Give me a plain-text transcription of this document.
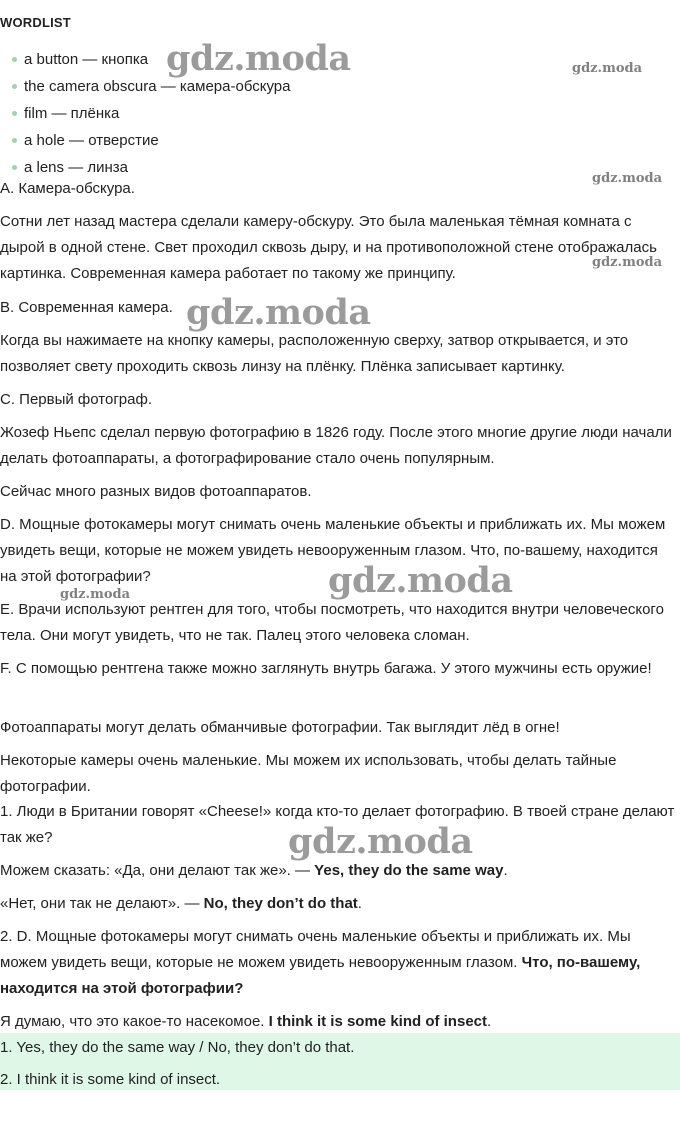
WORDLIST
a button — кнопка
the camera obscura — камера-обскура
film — плёнка
a hole — отверстие
a lens — линза

A. Камера-обскура.

Сотни лет назад мастера сделали камеру-обскуру. Это была маленькая тёмная комната с дырой в одной стене. Свет проходил сквозь дыру, и на противоположной стене отображалась картинка. Современная камера работает по такому же принципу.

B. Современная камера.

Когда вы нажимаете на кнопку камеры, расположенную сверху, затвор открывается, и это позволяет свету проходить сквозь линзу на плёнку. Плёнка записывает картинку.

C. Первый фотограф.

Жозеф Ньепс сделал первую фотографию в 1826 году. После этого многие другие люди начали делать фотоаппараты, а фотографирование стало очень популярным.

Сейчас много разных видов фотоаппаратов.

D. Мощные фотокамеры могут снимать очень маленькие объекты и приближать их. Мы можем увидеть вещи, которые не можем увидеть невооруженным глазом. Что, по-вашему, находится на этой фотографии?

E. Врачи используют рентген для того, чтобы посмотреть, что находится внутри человеческого тела. Они могут увидеть, что не так. Палец этого человека сломан.

F. С помощью рентгена также можно заглянуть внутрь багажа. У этого мужчины есть оружие!

Фотоаппараты могут делать обманчивые фотографии. Так выглядит лёд в огне!

Некоторые камеры очень маленькие. Мы можем их использовать, чтобы делать тайные фотографии.

1. Люди в Британии говорят «Cheese!» когда кто-то делает фотографию. В твоей стране делают так же?

Можем сказать: «Да, они делают так же». — Yes, they do the same way.

«Нет, они так не делают». — No, they don’t do that.

2. D. Мощные фотокамеры могут снимать очень маленькие объекты и приближать их. Мы можем увидеть вещи, которые не можем увидеть невооруженным глазом. Что, по-вашему, находится на этой фотографии?

Я думаю, что это какое-то насекомое. I think it is some kind of insect.

1. Yes, they do the same way / No, they don’t do that.
2. I think it is some kind of insect.
gdz.moda	gdz.moda
gdz.moda
gdz.moda
gdz.moda
gdz.moda
gdz.moda
gdz.moda
